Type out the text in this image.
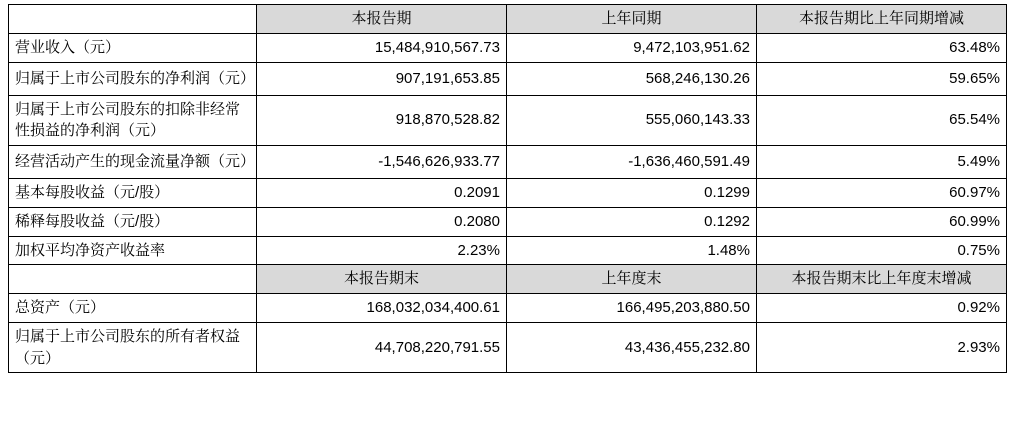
	本报告期	上年同期	本报告期比上年同期增减
营业收入（元）	15,484,910,567.73	9,472,103,951.62	63.48%
归属于上市公司股东的净利润（元）	907,191,653.85	568,246,130.26	59.65%
归属于上市公司股东的扣除非经常性损益的净利润（元）	918,870,528.82	555,060,143.33	65.54%
经营活动产生的现金流量净额（元）	-1,546,626,933.77	-1,636,460,591.49	5.49%
基本每股收益（元/股）	0.2091	0.1299	60.97%
稀释每股收益（元/股）	0.2080	0.1292	60.99%
加权平均净资产收益率	2.23%	1.48%	0.75%
	本报告期末	上年度末	本报告期末比上年度末增减
总资产（元）	168,032,034,400.61	166,495,203,880.50	0.92%
归属于上市公司股东的所有者权益（元）	44,708,220,791.55	43,436,455,232.80	2.93%
